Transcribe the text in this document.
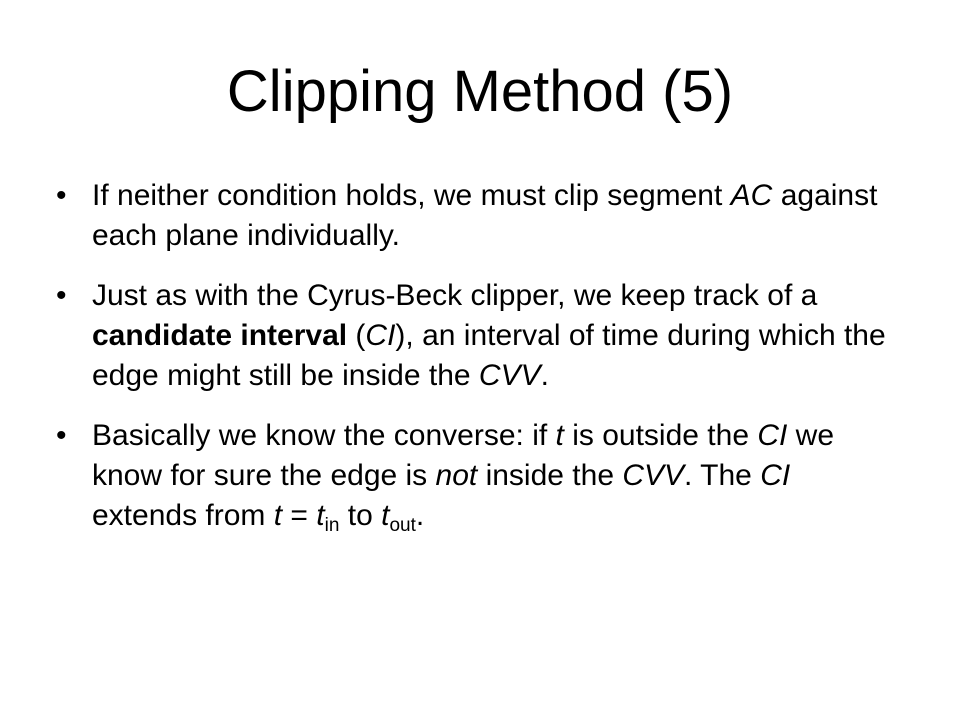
Clipping Method (5)
• If neither condition holds, we must clip segment AC against each plane individually.
• Just as with the Cyrus-Beck clipper, we keep track of a candidate interval (CI), an interval of time during which the edge might still be inside the CVV.
• Basically we know the converse: if t is outside the CI we know for sure the edge is not inside the CVV. The CI extends from $t = t_{in}$ to $t_{out}$.
